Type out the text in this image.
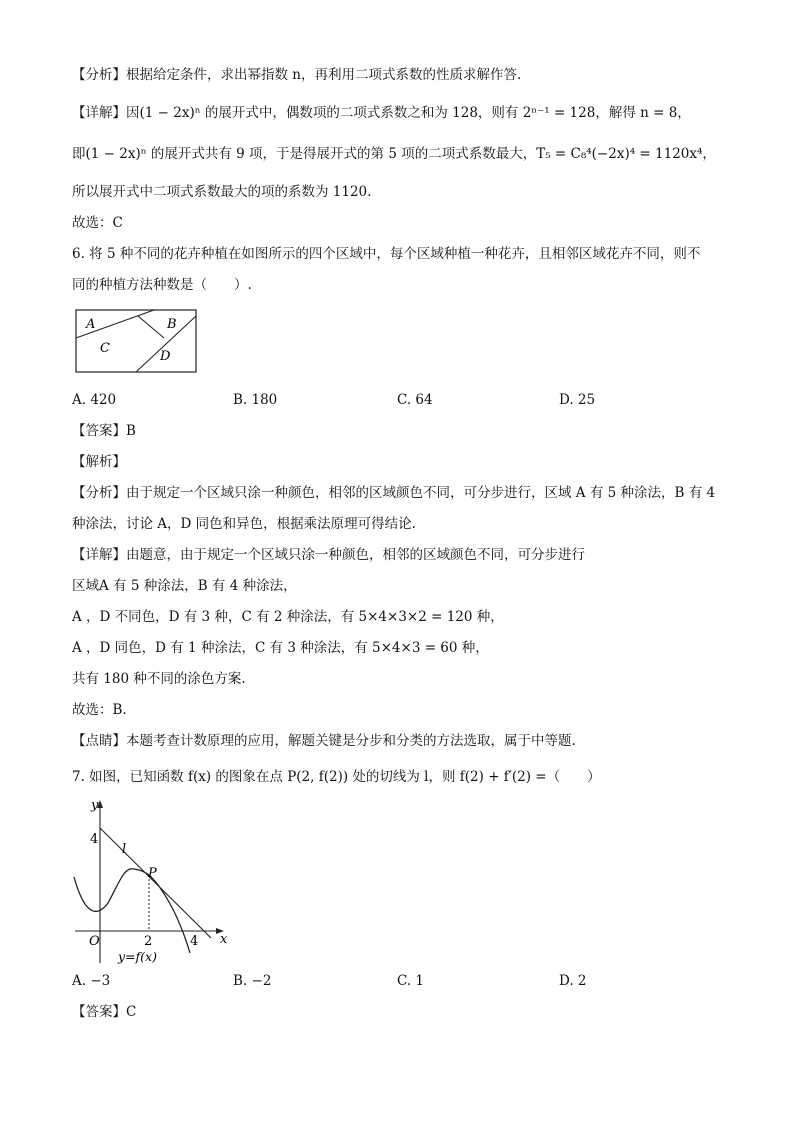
【分析】根据给定条件，求出幂指数 n，再利用二项式系数的性质求解作答.
【详解】因(1 − 2x)ⁿ 的展开式中，偶数项的二项式系数之和为 128，则有 2ⁿ⁻¹ = 128，解得 n = 8，
即(1 − 2x)ⁿ 的展开式共有 9 项，于是得展开式的第 5 项的二项式系数最大，T₅ = C₈⁴(−2x)⁴ = 1120x⁴，
所以展开式中二项式系数最大的项的系数为 1120.
故选：C
6. 将 5 种不同的花卉种植在如图所示的四个区域中，每个区域种植一种花卉，且相邻区域花卉不同，则不
同的种植方法种数是（　　）.
A	B
C
D
A. 420	B. 180	C. 64	D. 25
【答案】B
【解析】
【分析】由于规定一个区域只涂一种颜色，相邻的区域颜色不同，可分步进行，区域 A 有 5 种涂法，B 有 4
种涂法，讨论 A，D 同色和异色，根据乘法原理可得结论.
【详解】由题意，由于规定一个区域只涂一种颜色，相邻的区域颜色不同，可分步进行
区域A 有 5 种涂法，B 有 4 种涂法，
A ，D 不同色，D 有 3 种，C 有 2 种涂法，有 5×4×3×2 = 120 种，
A ，D 同色，D 有 1 种涂法，C 有 3 种涂法，有 5×4×3 = 60 种，
共有 180 种不同的涂色方案.
故选：B.
【点睛】本题考查计数原理的应用，解题关键是分步和分类的方法选取，属于中等题.
7. 如图，已知函数 f(x) 的图象在点 P(2, f(2)) 处的切线为 l，则 f(2) + f′(2) =（　　）
y
x
O
4
l
P
2	4
y=f(x)
A. −3	B. −2	C. 1	D. 2
【答案】C
